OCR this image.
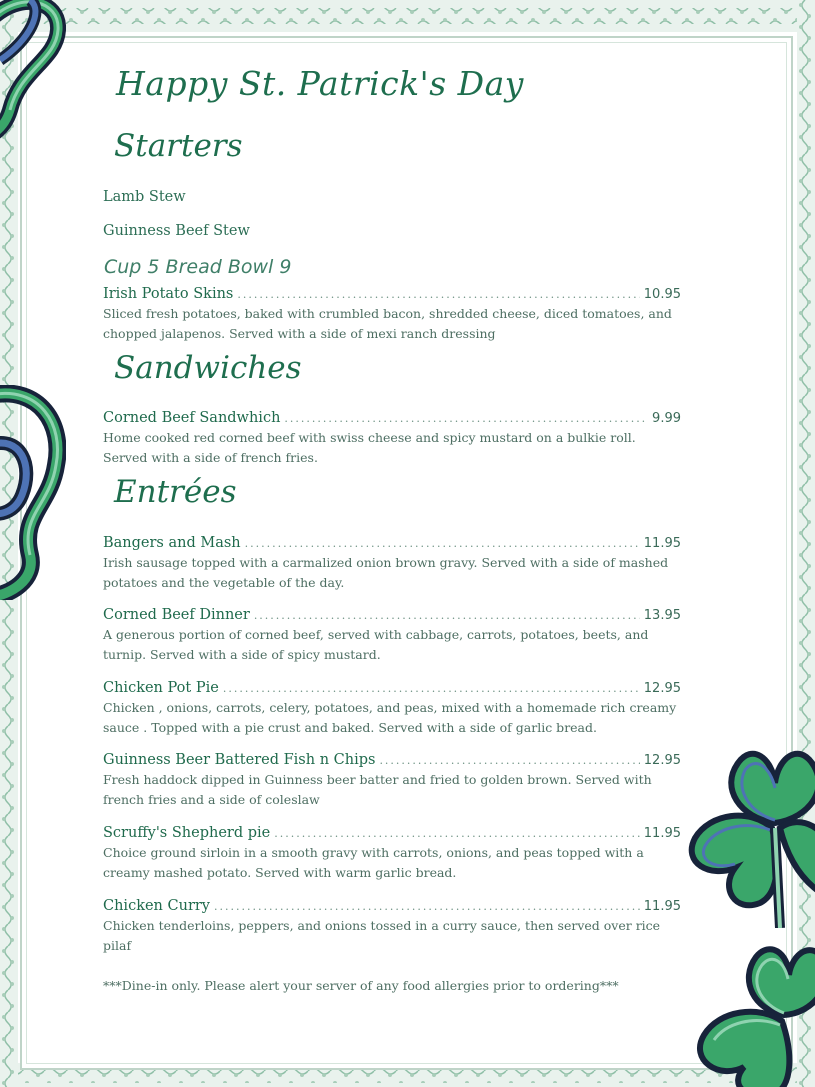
Happy St. Patrick's Day
Starters
Lamb Stew
Guinness Beef Stew
Cup 5 Bread Bowl 9
Irish Potato Skins .....	10.95
Sliced fresh potatoes, baked with crumbled bacon, shredded cheese, diced tomatoes, and chopped jalapenos. Served with a side of mexi ranch dressing
Sandwiches
Corned Beef Sandwhich .....	9.99
Home cooked red corned beef with swiss cheese and spicy mustard on a bulkie roll. Served with a side of french fries.
Entrées
Bangers and Mash .....	11.95
Irish sausage topped with a carmalized onion brown gravy. Served with a side of mashed potatoes and the vegetable of the day.
Corned Beef Dinner .....	13.95
A generous portion of corned beef, served with cabbage, carrots, potatoes, beets, and turnip. Served with a side of spicy mustard.
Chicken Pot Pie .....	12.95
Chicken , onions, carrots, celery, potatoes, and peas, mixed with a homemade rich creamy sauce . Topped with a pie crust and baked. Served with a side of garlic bread.
Guinness Beer Battered Fish n Chips .....	12.95
Fresh haddock dipped in Guinness beer batter and fried to golden brown. Served with french fries and a side of coleslaw
Scruffy's Shepherd pie .....	11.95
Choice ground sirloin in a smooth gravy with carrots, onions, and peas topped with a creamy mashed potato. Served with warm garlic bread.
Chicken Curry .....	11.95
Chicken tenderloins, peppers, and onions tossed in a curry sauce, then served over rice pilaf
***Dine-in only. Please alert your server of any food allergies prior to ordering***
